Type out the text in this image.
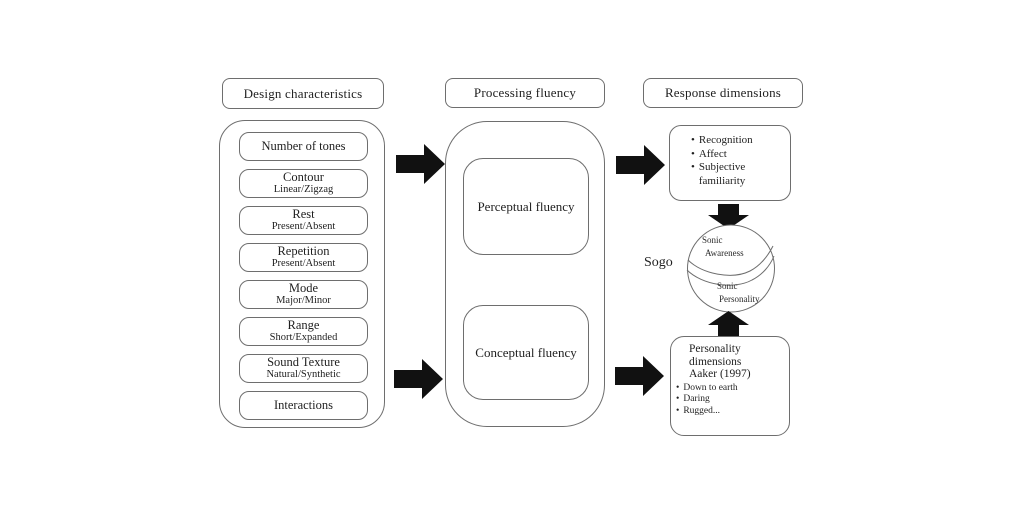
Design characteristics
Number of tones
Contour
Linear/Zigzag
Rest
Present/Absent
Repetition
Present/Absent
Mode
Major/Minor
Range
Short/Expanded
Sound Texture
Natural/Synthetic
Interactions
Processing fluency
Perceptual fluency
Conceptual fluency
Response dimensions
• Recognition
• Affect
• Subjective familiarity
Sogo
Sonic
Awareness
Sonic
Personality
Personality
dimensions
Aaker (1997)
• Down to earth
• Daring
• Rugged...
